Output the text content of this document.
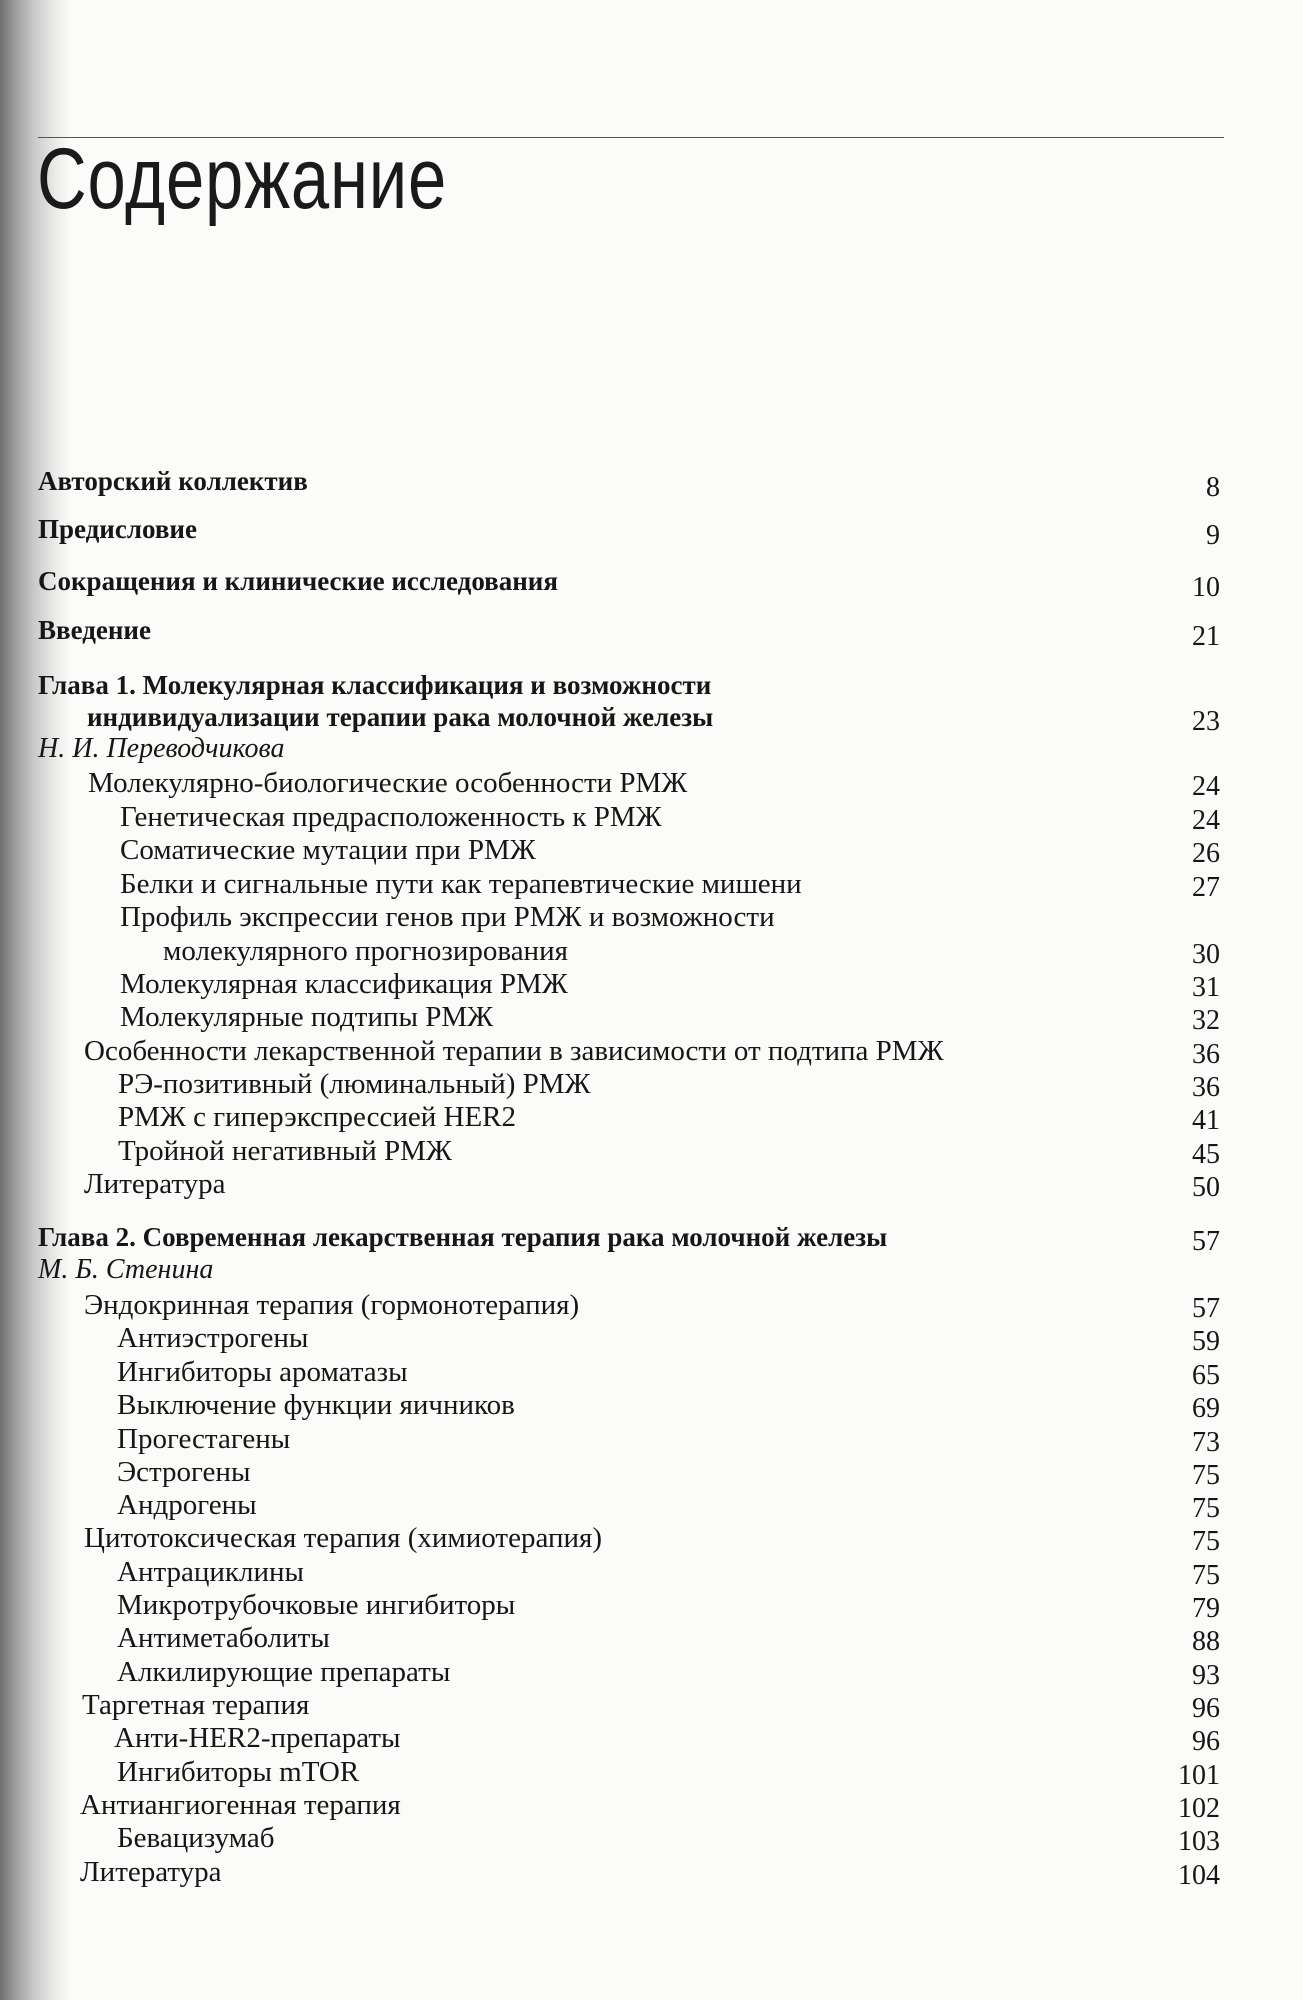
Содержание
Авторский коллектив	8
Предисловие	9
Сокращения и клинические исследования	10
Введение	21
Глава 1. Молекулярная классификация и возможности
индивидуализации терапии рака молочной железы	23
Н. И. Переводчикова
Молекулярно-биологические особенности РМЖ	24
Генетическая предрасположенность к РМЖ	24
Соматические мутации при РМЖ	26
Белки и сигнальные пути как терапевтические мишени	27
Профиль экспрессии генов при РМЖ и возможности
молекулярного прогнозирования	30
Молекулярная классификация РМЖ	31
Молекулярные подтипы РМЖ	32
Особенности лекарственной терапии в зависимости от подтипа РМЖ	36
РЭ-позитивный (люминальный) РМЖ	36
РМЖ с гиперэкспрессией HER2	41
Тройной негативный РМЖ	45
Литература	50
Глава 2. Современная лекарственная терапия рака молочной железы	57
М. Б. Стенина
Эндокринная терапия (гормонотерапия)	57
Антиэстрогены	59
Ингибиторы ароматазы	65
Выключение функции яичников	69
Прогестагены	73
Эстрогены	75
Андрогены	75
Цитотоксическая терапия (химиотерапия)	75
Антрациклины	75
Микротрубочковые ингибиторы	79
Антиметаболиты	88
Алкилирующие препараты	93
Таргетная терапия	96
Анти-HER2-препараты	96
Ингибиторы mTOR	101
Антиангиогенная терапия	102
Бевацизумаб	103
Литература	104
